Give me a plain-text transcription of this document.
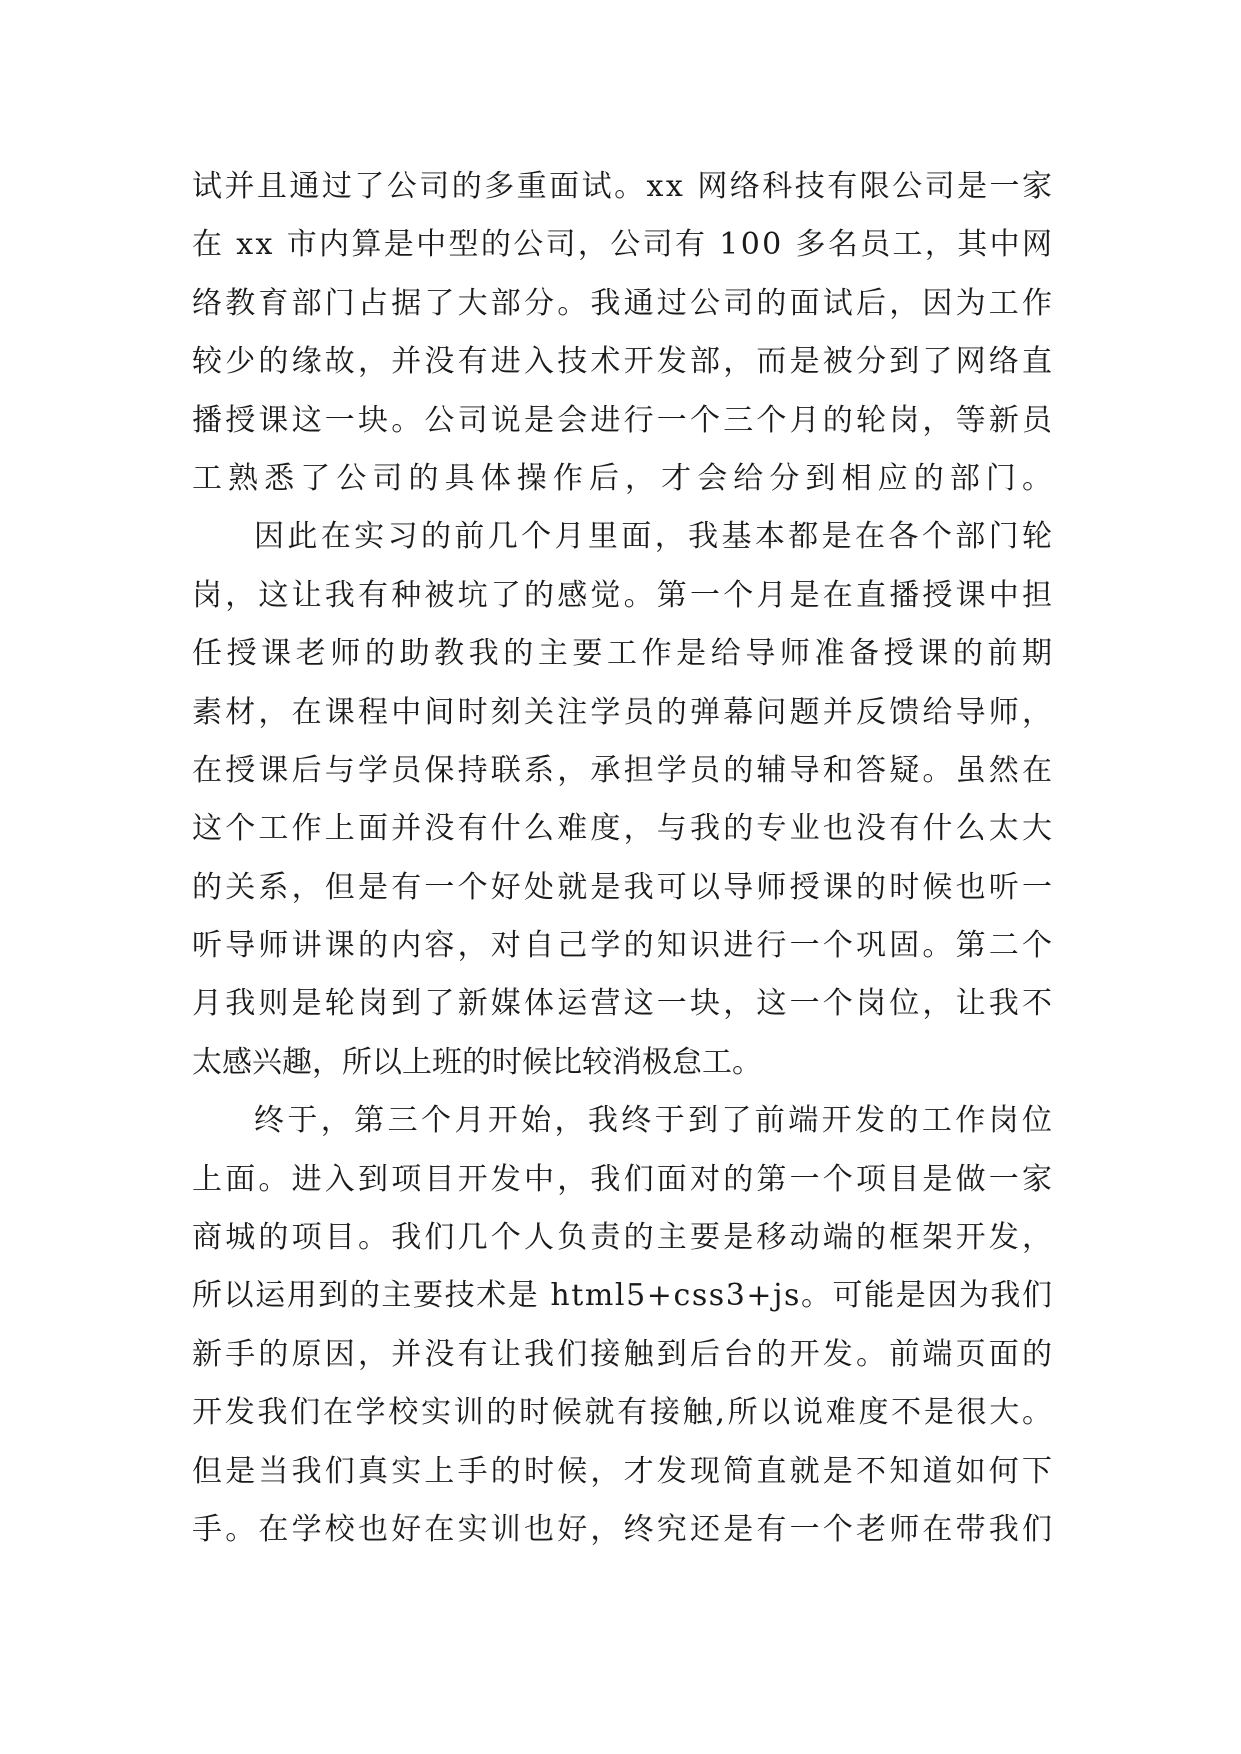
试并且通过了公司的多重面试。xx 网络科技有限公司是一家
在 xx 市内算是中型的公司，公司有 100 多名员工，其中网
络教育部门占据了大部分。我通过公司的面试后，因为工作
较少的缘故，并没有进入技术开发部，而是被分到了网络直
播授课这一块。公司说是会进行一个三个月的轮岗，等新员
工熟悉了公司的具体操作后，才会给分到相应的部门。
因此在实习的前几个月里面，我基本都是在各个部门轮
岗，这让我有种被坑了的感觉。第一个月是在直播授课中担
任授课老师的助教我的主要工作是给导师准备授课的前期
素材，在课程中间时刻关注学员的弹幕问题并反馈给导师，
在授课后与学员保持联系，承担学员的辅导和答疑。虽然在
这个工作上面并没有什么难度，与我的专业也没有什么太大
的关系，但是有一个好处就是我可以导师授课的时候也听一
听导师讲课的内容，对自己学的知识进行一个巩固。第二个
月我则是轮岗到了新媒体运营这一块，这一个岗位，让我不
太感兴趣，所以上班的时候比较消极怠工。
终于，第三个月开始，我终于到了前端开发的工作岗位
上面。进入到项目开发中，我们面对的第一个项目是做一家
商城的项目。我们几个人负责的主要是移动端的框架开发，
所以运用到的主要技术是 html5+css3+js。可能是因为我们
新手的原因，并没有让我们接触到后台的开发。前端页面的
开发我们在学校实训的时候就有接触,所以说难度不是很大。
但是当我们真实上手的时候，才发现简直就是不知道如何下
手。在学校也好在实训也好，终究还是有一个老师在带我们
